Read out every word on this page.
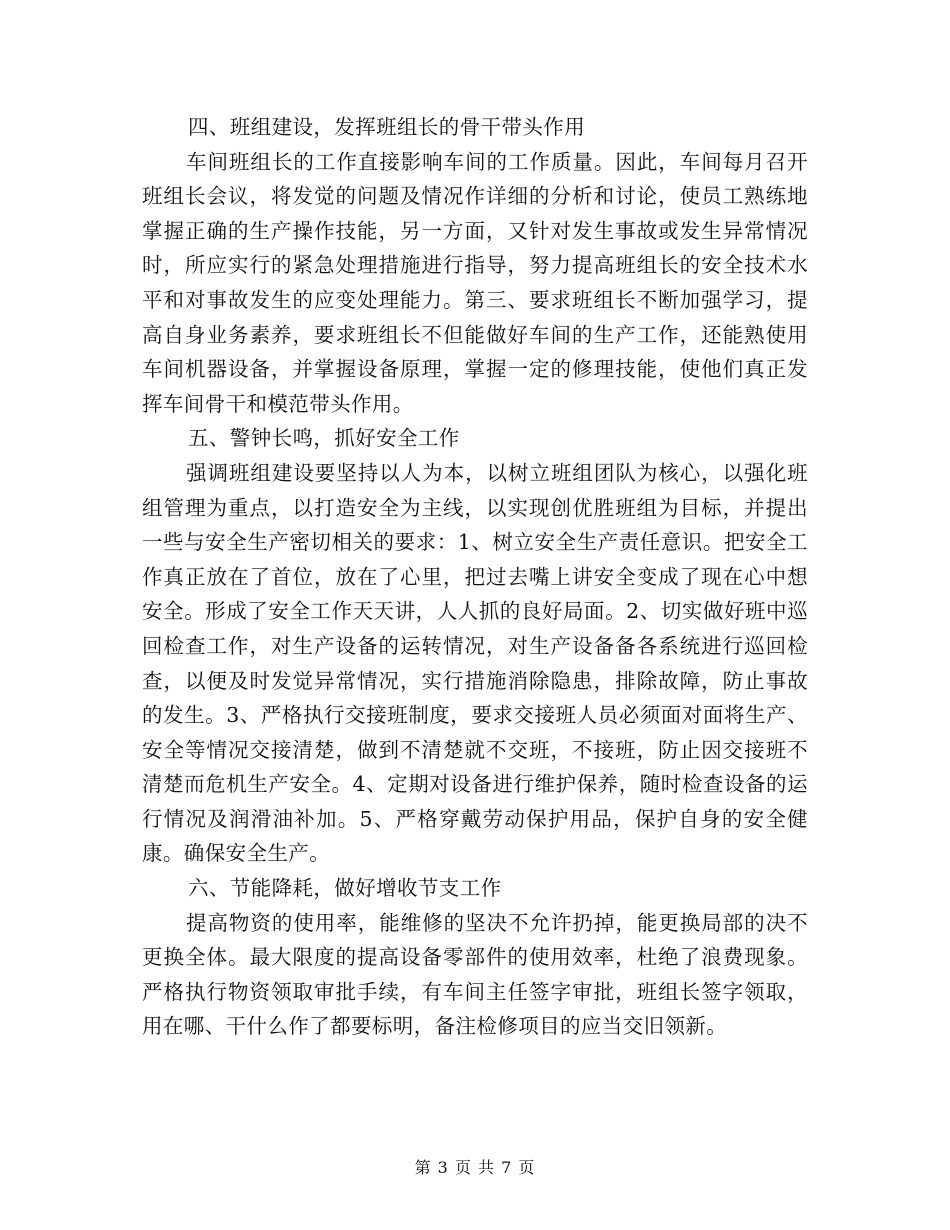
四、班组建设，发挥班组长的骨干带头作用

车间班组长的工作直接影响车间的工作质量。因此，车间每月召开班组长会议，将发觉的问题及情况作详细的分析和讨论，使员工熟练地掌握正确的生产操作技能，另一方面，又针对发生事故或发生异常情况时，所应实行的紧急处理措施进行指导，努力提高班组长的安全技术水平和对事故发生的应变处理能力。第三、要求班组长不断加强学习，提高自身业务素养，要求班组长不但能做好车间的生产工作，还能熟使用车间机器设备，并掌握设备原理，掌握一定的修理技能，使他们真正发挥车间骨干和模范带头作用。

五、警钟长鸣，抓好安全工作

强调班组建设要坚持以人为本，以树立班组团队为核心，以强化班组管理为重点，以打造安全为主线，以实现创优胜班组为目标，并提出一些与安全生产密切相关的要求：1、树立安全生产责任意识。把安全工作真正放在了首位，放在了心里，把过去嘴上讲安全变成了现在心中想安全。形成了安全工作天天讲，人人抓的良好局面。2、切实做好班中巡回检查工作，对生产设备的运转情况，对生产设备备各系统进行巡回检查，以便及时发觉异常情况，实行措施消除隐患，排除故障，防止事故的发生。3、严格执行交接班制度，要求交接班人员必须面对面将生产、安全等情况交接清楚，做到不清楚就不交班，不接班，防止因交接班不清楚而危机生产安全。4、定期对设备进行维护保养，随时检查设备的运行情况及润滑油补加。5、严格穿戴劳动保护用品，保护自身的安全健康。确保安全生产。

六、节能降耗，做好增收节支工作

提高物资的使用率，能维修的坚决不允许扔掉，能更换局部的决不更换全体。最大限度的提高设备零部件的使用效率，杜绝了浪费现象。严格执行物资领取审批手续，有车间主任签字审批，班组长签字领取，用在哪、干什么作了都要标明，备注检修项目的应当交旧领新。

第 3 页 共 7 页
